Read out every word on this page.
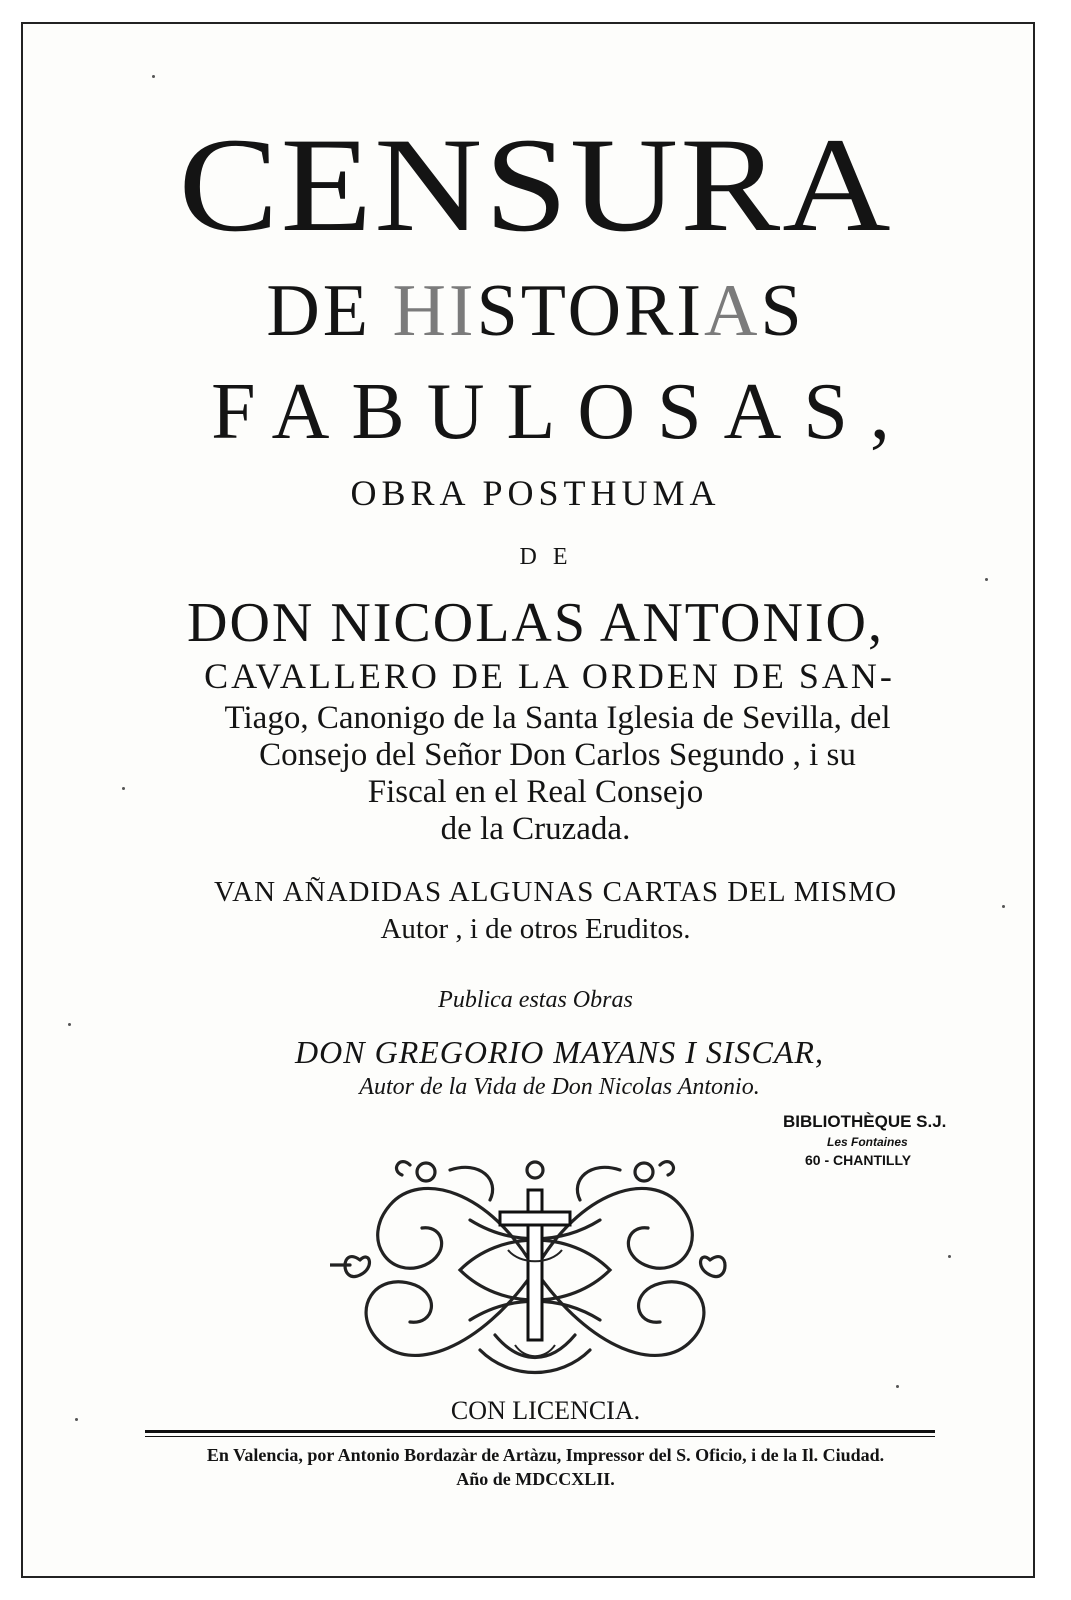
CENSURA
DE HISTORIAS
FABULOSAS,
OBRA POSTHUMA
DE
DON NICOLAS ANTONIO,
CAVALLERO DE LA ORDEN DE SAN-
Tiago, Canonigo de la Santa Iglesia de Sevilla, del
Consejo del Señor Don Carlos Segundo , i su
Fiscal en el Real Consejo
de la Cruzada.
VAN AÑADIDAS ALGUNAS CARTAS DEL MISMO
Autor , i de otros Eruditos.
Publica estas Obras
DON GREGORIO MAYANS I SISCAR,
Autor de la Vida de Don Nicolas Antonio.
BIBLIOTHÈQUE S.J.
Les Fontaines
60 - CHANTILLY
CON LICENCIA.
En Valencia, por Antonio Bordazàr de Artàzu, Impressor del S. Oficio, i de la Il. Ciudad.
Año de MDCCXLII.
